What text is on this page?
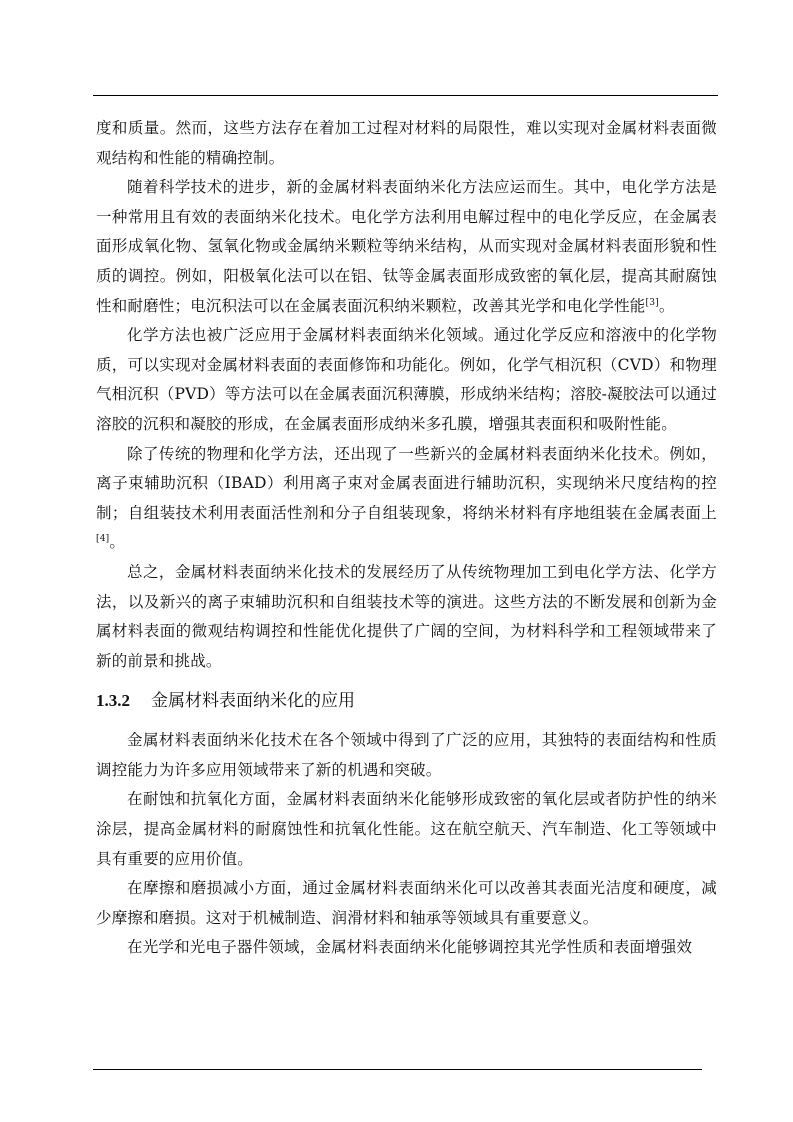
度和质量。然而，这些方法存在着加工过程对材料的局限性，难以实现对金属材料表面微观结构和性能的精确控制。

随着科学技术的进步，新的金属材料表面纳米化方法应运而生。其中，电化学方法是一种常用且有效的表面纳米化技术。电化学方法利用电解过程中的电化学反应，在金属表面形成氧化物、氢氧化物或金属纳米颗粒等纳米结构，从而实现对金属材料表面形貌和性质的调控。例如，阳极氧化法可以在铝、钛等金属表面形成致密的氧化层，提高其耐腐蚀性和耐磨性；电沉积法可以在金属表面沉积纳米颗粒，改善其光学和电化学性能[3]。

化学方法也被广泛应用于金属材料表面纳米化领域。通过化学反应和溶液中的化学物质，可以实现对金属材料表面的表面修饰和功能化。例如，化学气相沉积（CVD）和物理气相沉积（PVD）等方法可以在金属表面沉积薄膜，形成纳米结构；溶胶-凝胶法可以通过溶胶的沉积和凝胶的形成，在金属表面形成纳米多孔膜，增强其表面积和吸附性能。

除了传统的物理和化学方法，还出现了一些新兴的金属材料表面纳米化技术。例如，离子束辅助沉积（IBAD）利用离子束对金属表面进行辅助沉积，实现纳米尺度结构的控制；自组装技术利用表面活性剂和分子自组装现象，将纳米材料有序地组装在金属表面上[4]。

总之，金属材料表面纳米化技术的发展经历了从传统物理加工到电化学方法、化学方法，以及新兴的离子束辅助沉积和自组装技术等的演进。这些方法的不断发展和创新为金属材料表面的微观结构调控和性能优化提供了广阔的空间，为材料科学和工程领域带来了新的前景和挑战。

1.3.2	金属材料表面纳米化的应用

金属材料表面纳米化技术在各个领域中得到了广泛的应用，其独特的表面结构和性质调控能力为许多应用领域带来了新的机遇和突破。

在耐蚀和抗氧化方面，金属材料表面纳米化能够形成致密的氧化层或者防护性的纳米涂层，提高金属材料的耐腐蚀性和抗氧化性能。这在航空航天、汽车制造、化工等领域中具有重要的应用价值。

在摩擦和磨损减小方面，通过金属材料表面纳米化可以改善其表面光洁度和硬度，减少摩擦和磨损。这对于机械制造、润滑材料和轴承等领域具有重要意义。

在光学和光电子器件领域，金属材料表面纳米化能够调控其光学性质和表面增强效
